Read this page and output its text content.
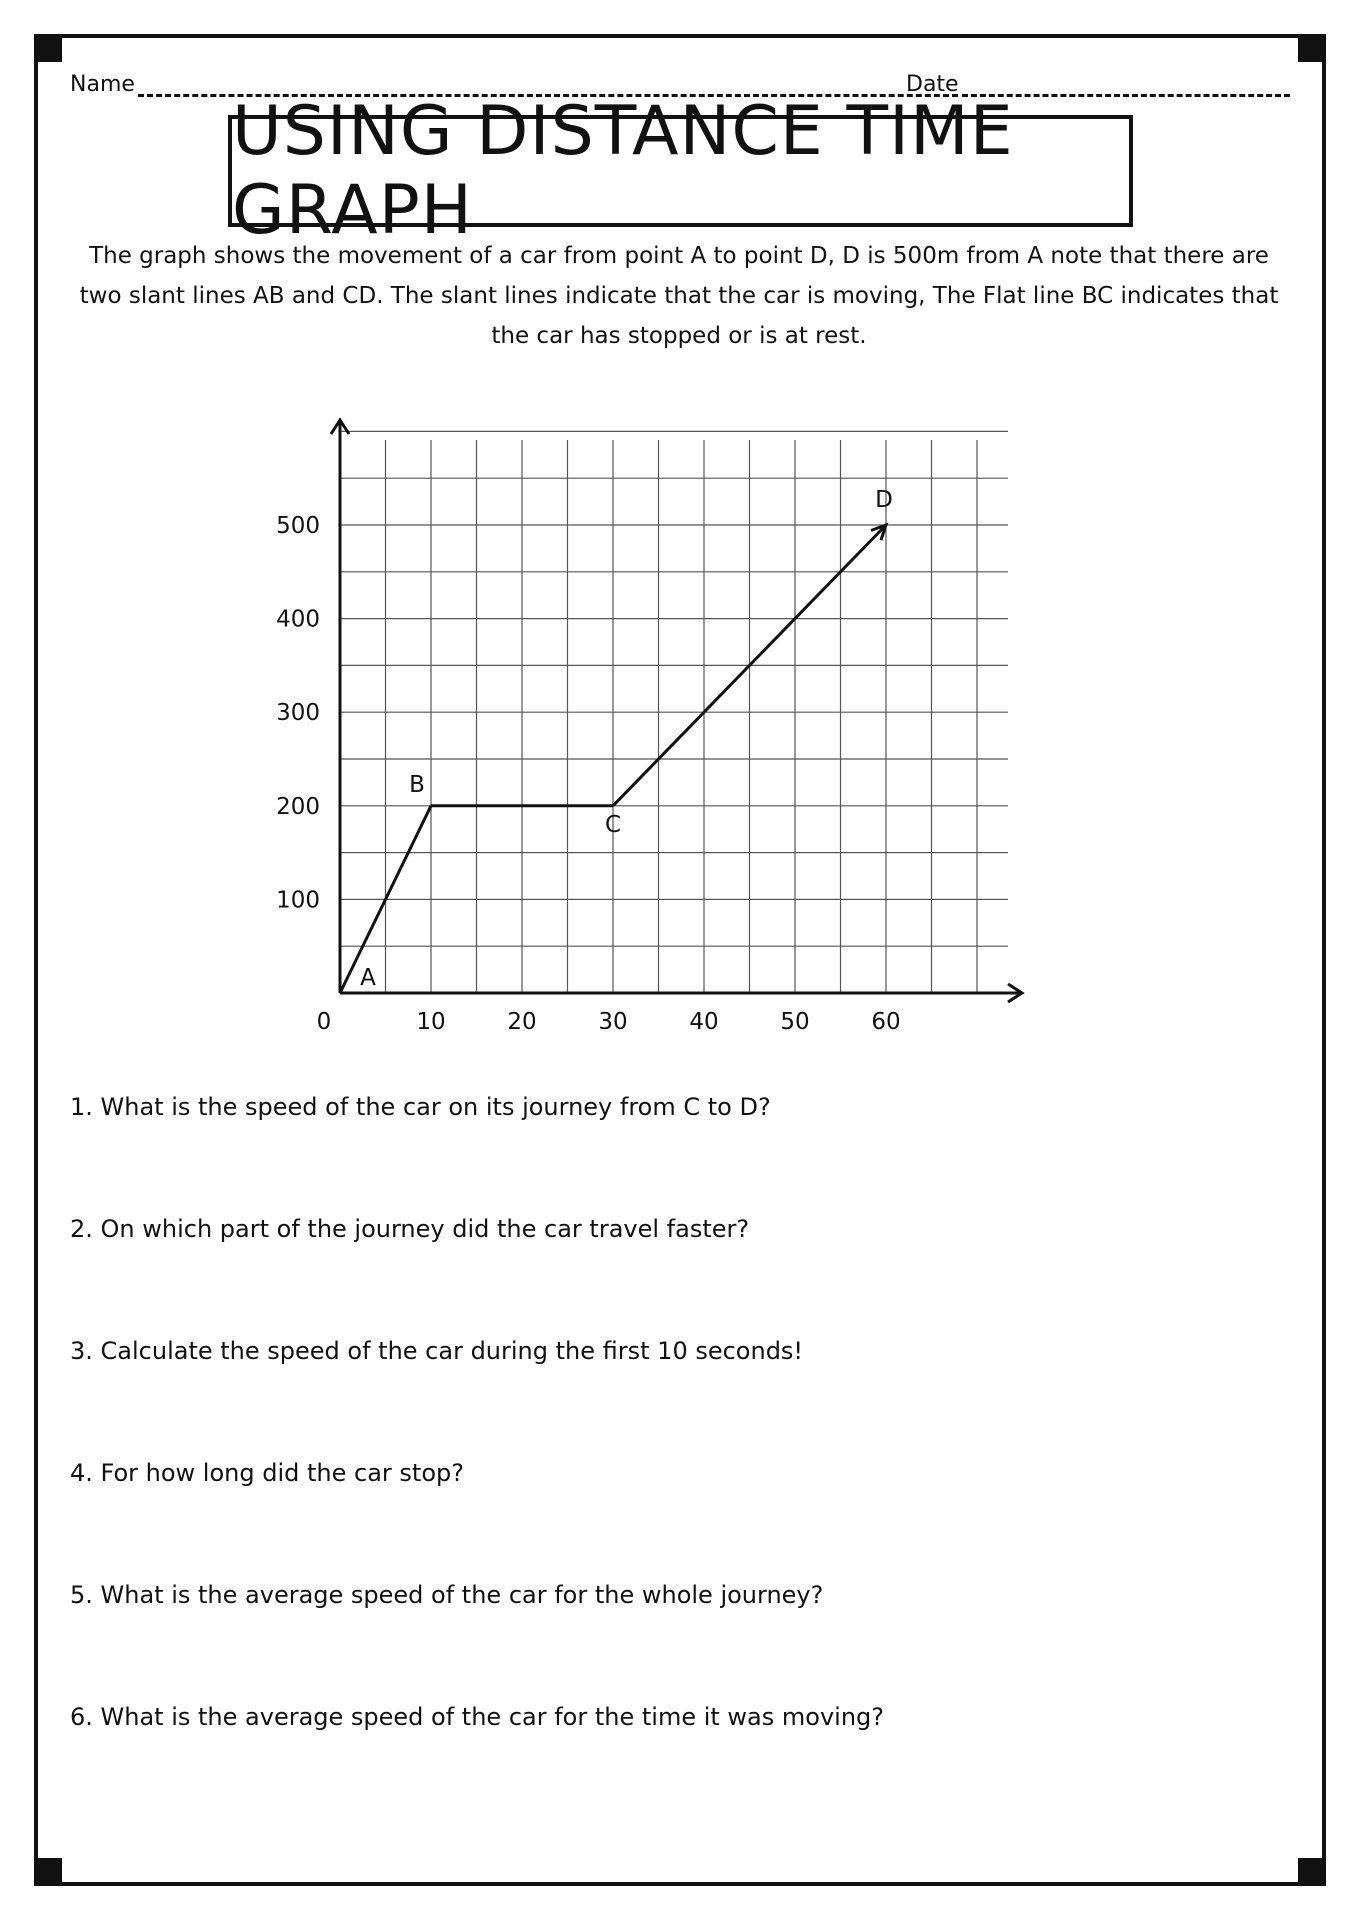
Name	Date
USING DISTANCE TIME GRAPH
The graph shows the movement of a car from point A to point D, D is 500m from A note that there are two slant lines AB and CD. The slant lines indicate that the car is moving, The Flat line BC indicates that the car has stopped or is at rest.
0	10	20	30	40	50	60
100
200
300
400
500
A
B
C
D
1. What is the speed of the car on its journey from C to D?
2. On which part of the journey did the car travel faster?
3. Calculate the speed of the car during the first 10 seconds!
4. For how long did the car stop?
5. What is the average speed of the car for the whole journey?
6. What is the average speed of the car for the time it was moving?
